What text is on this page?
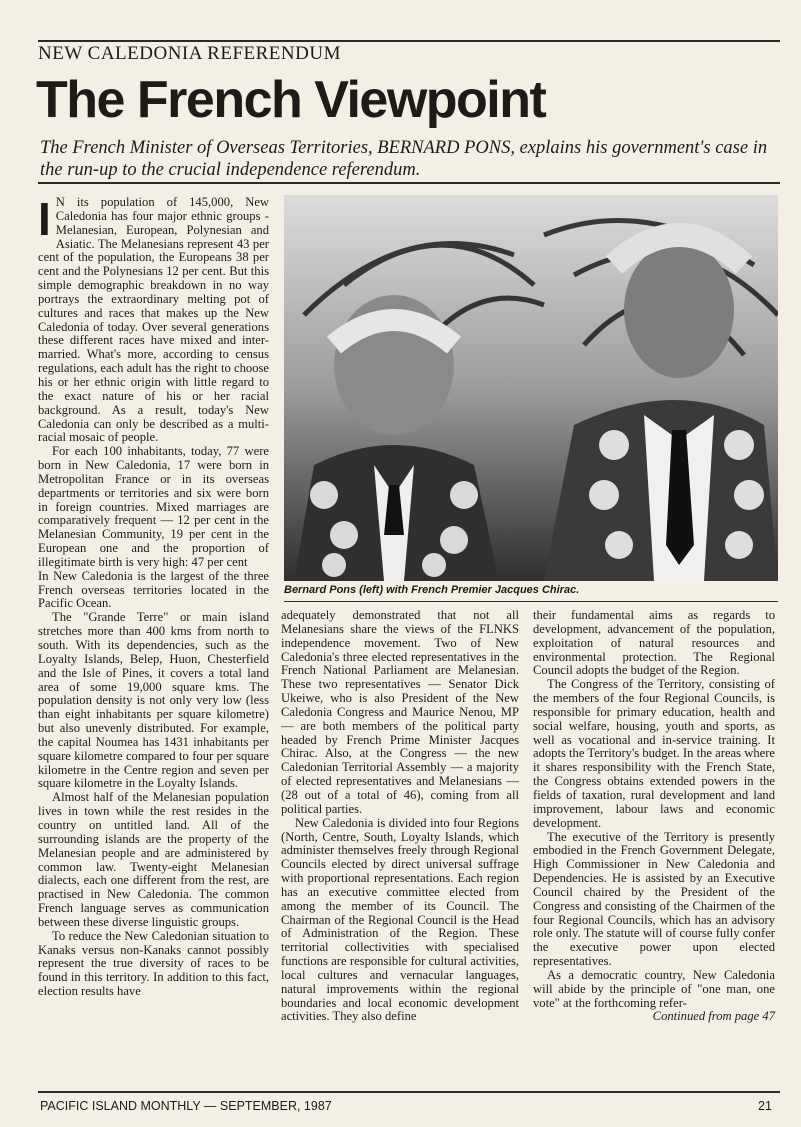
NEW CALEDONIA REFERENDUM
The French Viewpoint
The French Minister of Overseas Territories, BERNARD PONS, explains his government's case in the run-up to the crucial independence referendum.
Bernard Pons (left) with French Premier Jacques Chirac.

I N its population of 145,000, New Caledonia has four major ethnic groups - Melanesian, European, Polynesian and Asiatic. The Melanesians represent 43 per cent of the population, the Europeans 38 per cent and the Polynesians 12 per cent. But this simple demographic breakdown in no way portrays the extraordinary melting pot of cultures and races that makes up the New Caledonia of today. Over several generations these different races have mixed and inter-married. What's more, according to census regulations, each adult has the right to choose his or her ethnic origin with little regard to the exact nature of his or her racial background. As a result, today's New Caledonia can only be described as a multi-racial mosaic of people.

For each 100 inhabitants, today, 77 were born in New Caledonia, 17 were born in Metropolitan France or in its overseas departments or territories and six were born in foreign countries. Mixed marriages are comparatively frequent — 12 per cent in the Melanesian Community, 19 per cent in the European one and the proportion of illegitimate birth is very high: 47 per cent

In New Caledonia is the largest of the three French overseas territories located in the Pacific Ocean.

The "Grande Terre" or main island stretches more than 400 kms from north to south. With its dependencies, such as the Loyalty Islands, Belep, Huon, Chesterfield and the Isle of Pines, it covers a total land area of some 19,000 square kms. The population density is not only very low (less than eight inhabitants per square kilometre) but also unevenly distributed. For example, the capital Noumea has 1431 inhabitants per square kilometre compared to four per square kilometre in the Centre region and seven per square kilometre in the Loyalty Islands.

Almost half of the Melanesian population lives in town while the rest resides in the country on untitled land. All of the surrounding islands are the property of the Melanesian people and are administered by common law. Twenty-eight Melanesian dialects, each one different from the rest, are practised in New Caledonia. The common French language serves as communication between these diverse linguistic groups.

To reduce the New Caledonian situation to Kanaks versus non-Kanaks cannot possibly represent the true diversity of races to be found in this territory. In addition to this fact, election results have

adequately demonstrated that not all Melanesians share the views of the FLNKS independence movement. Two of New Caledonia's three elected representatives in the French National Parliament are Melanesian. These two representatives — Senator Dick Ukeiwe, who is also President of the New Caledonia Congress and Maurice Nenou, MP — are both members of the political party headed by French Prime Minister Jacques Chirac. Also, at the Congress — the new Caledonian Territorial Assembly — a majority of elected representatives and Melanesians — (28 out of a total of 46), coming from all political parties.

New Caledonia is divided into four Regions (North, Centre, South, Loyalty Islands, which administer themselves freely through Regional Councils elected by direct universal suffrage with proportional representations. Each region has an executive committee elected from among the member of its Council. The Chairman of the Regional Council is the Head of Administration of the Region. These territorial collectivities with specialised functions are responsible for cultural activities, local cultures and vernacular languages, natural improvements within the regional boundaries and local economic development activities. They also define

their fundamental aims as regards to development, advancement of the population, exploitation of natural resources and environmental protection. The Regional Council adopts the budget of the Region.

The Congress of the Territory, consisting of the members of the four Regional Councils, is responsible for primary education, health and social welfare, housing, youth and sports, as well as vocational and in-service training. It adopts the Territory's budget. In the areas where it shares responsibility with the French State, the Congress obtains extended powers in the fields of taxation, rural development and land improvement, labour laws and economic development.

The executive of the Territory is presently embodied in the French Government Delegate, High Commissioner in New Caledonia and Dependencies. He is assisted by an Executive Council chaired by the President of the Congress and consisting of the Chairmen of the four Regional Councils, which has an advisory role only. The statute will of course fully confer the executive power upon elected representatives.

As a democratic country, New Caledonia will abide by the principle of "one man, one vote" at the forthcoming refer-

Continued from page 47
PACIFIC ISLAND MONTHLY — SEPTEMBER, 1987	21
